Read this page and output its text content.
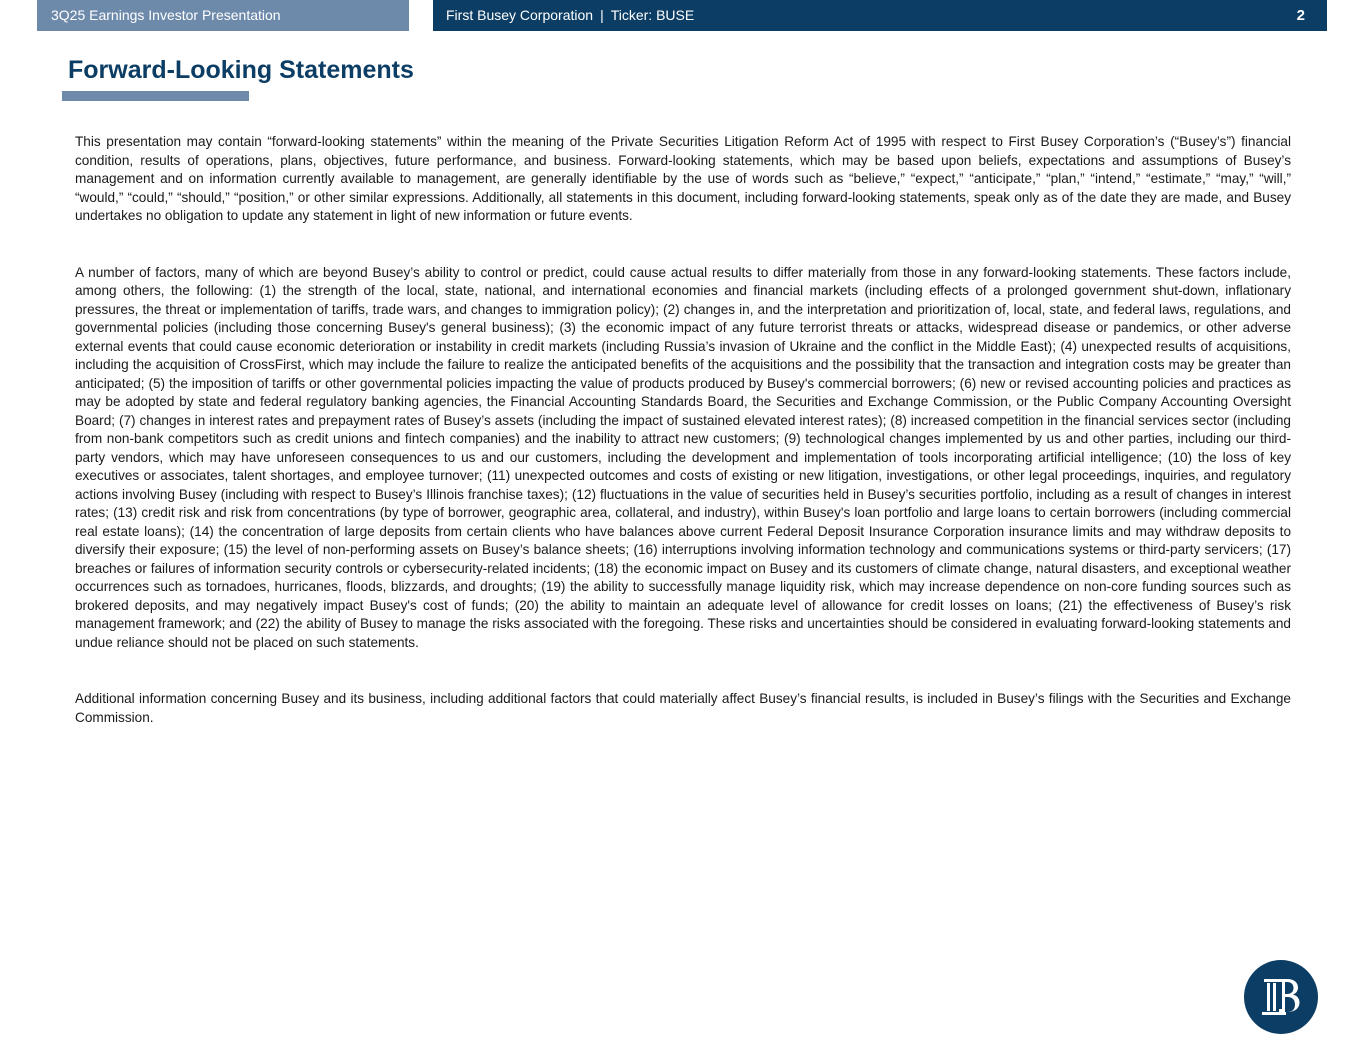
3Q25 Earnings Investor Presentation	First Busey Corporation | Ticker: BUSE	2
Forward-Looking Statements

This presentation may contain “forward-looking statements” within the meaning of the Private Securities Litigation Reform Act of 1995 with respect to First Busey Corporation’s (“Busey’s”) financial condition, results of operations, plans, objectives, future performance, and business. Forward-looking statements, which may be based upon beliefs, expectations and assumptions of Busey’s management and on information currently available to management, are generally identifiable by the use of words such as “believe,” “expect,” “anticipate,” “plan,” “intend,” “estimate,” “may,” “will,” “would,” “could,” “should,” “position,” or other similar expressions. Additionally, all statements in this document, including forward-looking statements, speak only as of the date they are made, and Busey undertakes no obligation to update any statement in light of new information or future events.

A number of factors, many of which are beyond Busey’s ability to control or predict, could cause actual results to differ materially from those in any forward-looking statements. These factors include, among others, the following: (1) the strength of the local, state, national, and international economies and financial markets (including effects of a prolonged government shut-down, inflationary pressures, the threat or implementation of tariffs, trade wars, and changes to immigration policy); (2) changes in, and the interpretation and prioritization of, local, state, and federal laws, regulations, and governmental policies (including those concerning Busey's general business); (3) the economic impact of any future terrorist threats or attacks, widespread disease or pandemics, or other adverse external events that could cause economic deterioration or instability in credit markets (including Russia’s invasion of Ukraine and the conflict in the Middle East); (4) unexpected results of acquisitions, including the acquisition of CrossFirst, which may include the failure to realize the anticipated benefits of the acquisitions and the possibility that the transaction and integration costs may be greater than anticipated; (5) the imposition of tariffs or other governmental policies impacting the value of products produced by Busey's commercial borrowers; (6) new or revised accounting policies and practices as may be adopted by state and federal regulatory banking agencies, the Financial Accounting Standards Board, the Securities and Exchange Commission, or the Public Company Accounting Oversight Board; (7) changes in interest rates and prepayment rates of Busey’s assets (including the impact of sustained elevated interest rates); (8) increased competition in the financial services sector (including from non-bank competitors such as credit unions and fintech companies) and the inability to attract new customers; (9) technological changes implemented by us and other parties, including our third-party vendors, which may have unforeseen consequences to us and our customers, including the development and implementation of tools incorporating artificial intelligence; (10) the loss of key executives or associates, talent shortages, and employee turnover; (11) unexpected outcomes and costs of existing or new litigation, investigations, or other legal proceedings, inquiries, and regulatory actions involving Busey (including with respect to Busey’s Illinois franchise taxes); (12) fluctuations in the value of securities held in Busey’s securities portfolio, including as a result of changes in interest rates; (13) credit risk and risk from concentrations (by type of borrower, geographic area, collateral, and industry), within Busey's loan portfolio and large loans to certain borrowers (including commercial real estate loans); (14) the concentration of large deposits from certain clients who have balances above current Federal Deposit Insurance Corporation insurance limits and may withdraw deposits to diversify their exposure; (15) the level of non-performing assets on Busey’s balance sheets; (16) interruptions involving information technology and communications systems or third-party servicers; (17) breaches or failures of information security controls or cybersecurity-related incidents; (18) the economic impact on Busey and its customers of climate change, natural disasters, and exceptional weather occurrences such as tornadoes, hurricanes, floods, blizzards, and droughts; (19) the ability to successfully manage liquidity risk, which may increase dependence on non-core funding sources such as brokered deposits, and may negatively impact Busey's cost of funds; (20) the ability to maintain an adequate level of allowance for credit losses on loans; (21) the effectiveness of Busey’s risk management framework; and (22) the ability of Busey to manage the risks associated with the foregoing. These risks and uncertainties should be considered in evaluating forward-looking statements and undue reliance should not be placed on such statements.

Additional information concerning Busey and its business, including additional factors that could materially affect Busey’s financial results, is included in Busey’s filings with the Securities and Exchange Commission.
